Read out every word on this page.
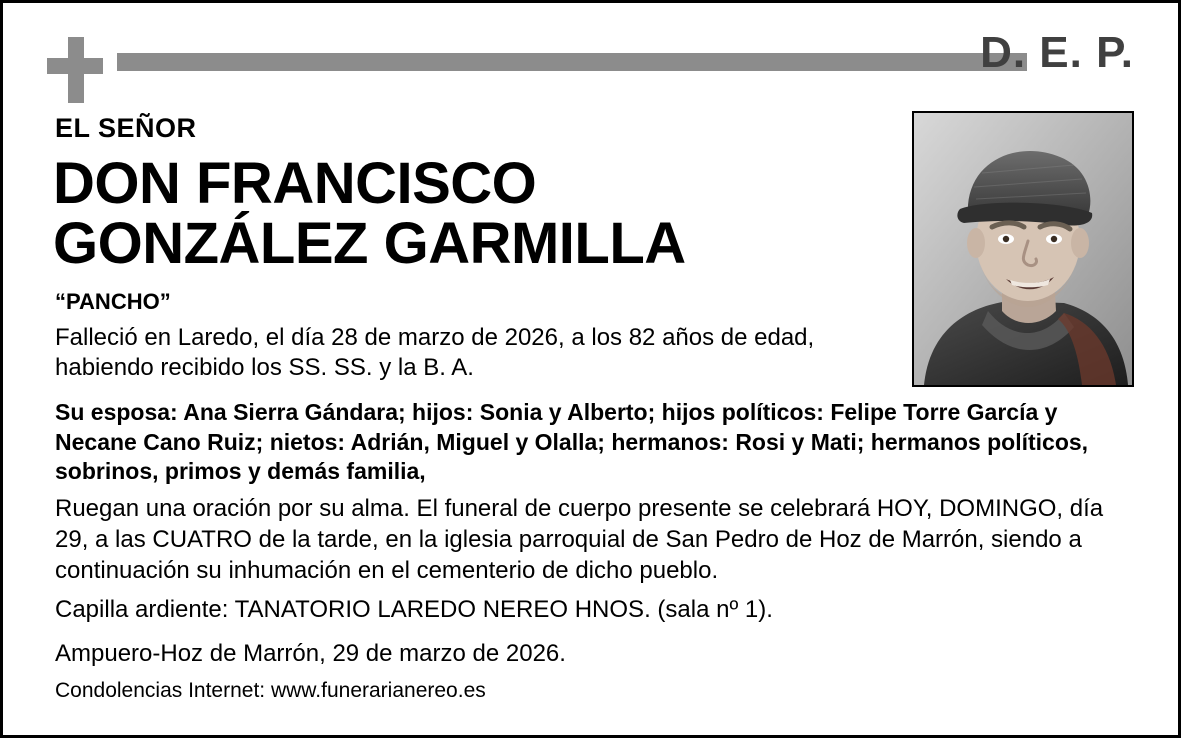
D. E. P.
EL SEÑOR
DON FRANCISCO
GONZÁLEZ GARMILLA
“PANCHO”
Falleció en Laredo, el día 28 de marzo de 2026, a los 82 años de edad, habiendo recibido los SS. SS. y la B. A.
Su esposa: Ana Sierra Gándara; hijos: Sonia y Alberto; hijos políticos: Felipe Torre García y Necane Cano Ruiz; nietos: Adrián, Miguel y Olalla; hermanos: Rosi y Mati; hermanos políticos, sobrinos, primos y demás familia,
Ruegan una oración por su alma. El funeral de cuerpo presente se celebrará HOY, DOMINGO, día 29, a las CUATRO de la tarde, en la iglesia parroquial de San Pedro de Hoz de Marrón, siendo a continuación su inhumación en el cementerio de dicho pueblo.
Capilla ardiente: TANATORIO LAREDO NEREO HNOS. (sala nº 1).
Ampuero-Hoz de Marrón, 29 de marzo de 2026.
Condolencias Internet: www.funerarianereo.es
